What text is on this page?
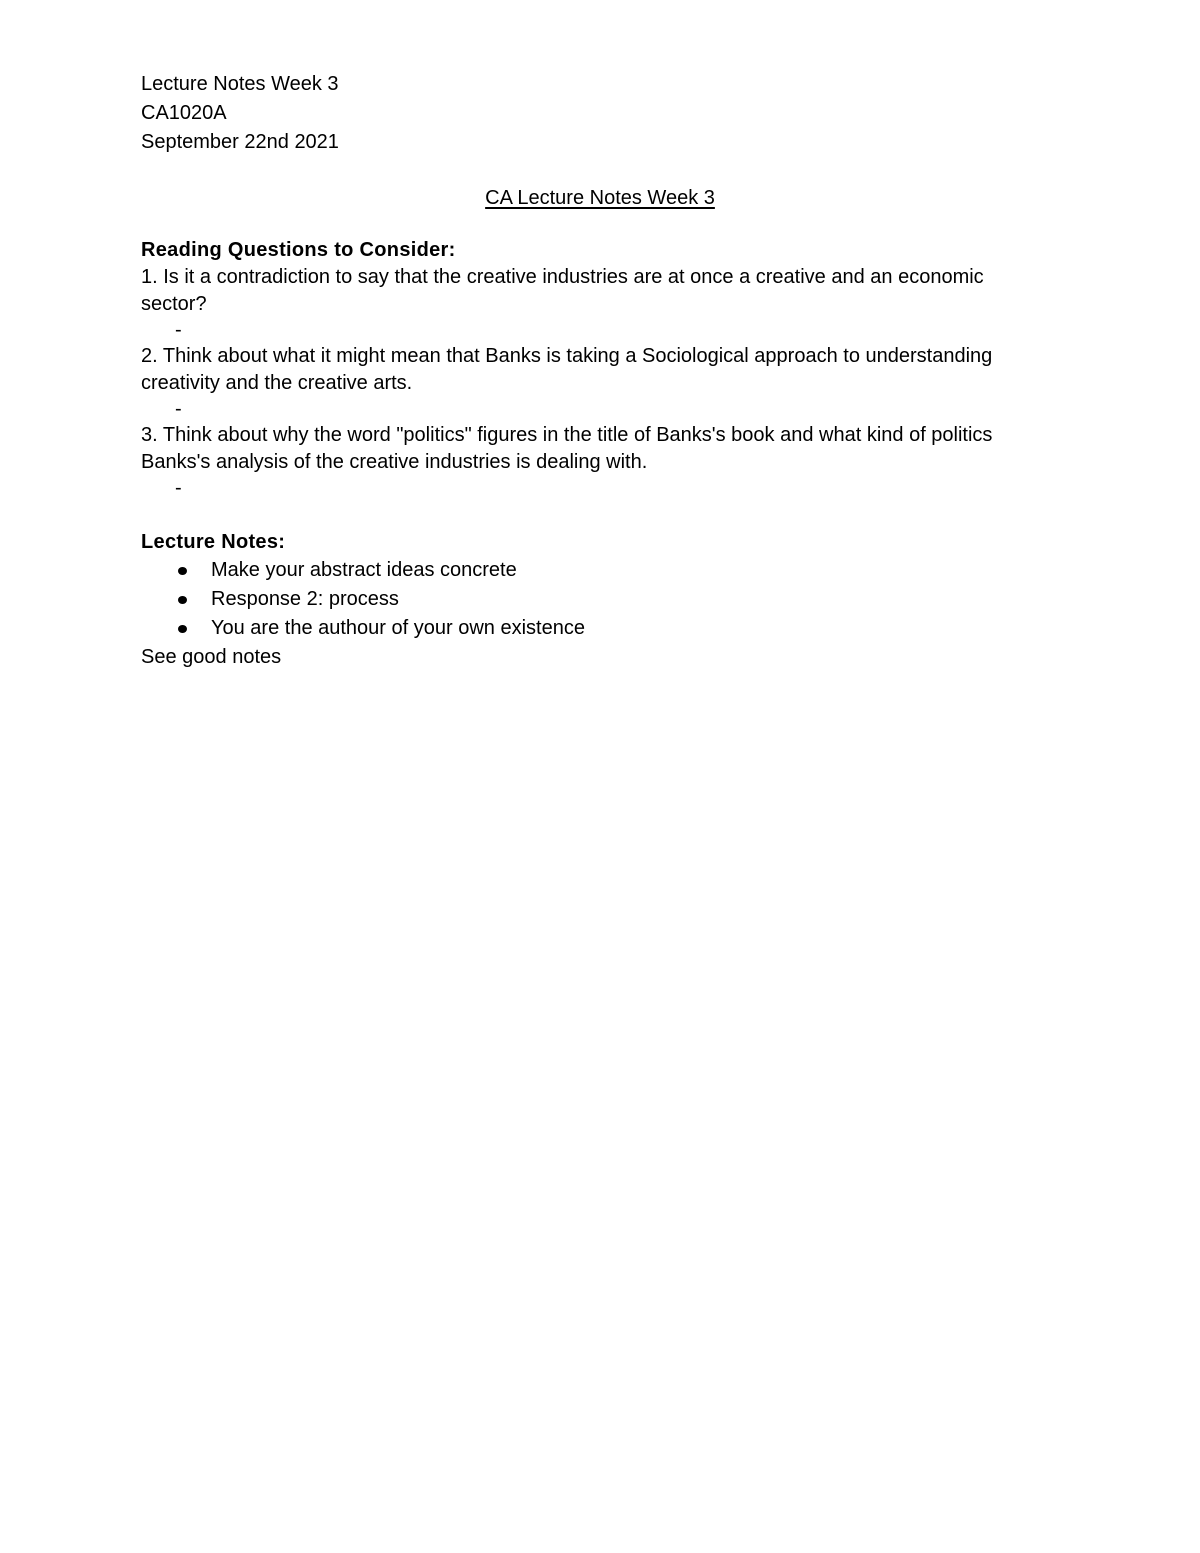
Lecture Notes Week 3
CA1020A
September 22nd 2021
CA Lecture Notes Week 3
Reading Questions to Consider:
1. Is it a contradiction to say that the creative industries are at once a creative and an economic sector?
-
2. Think about what it might mean that Banks is taking a Sociological approach to understanding creativity and the creative arts.
-
3. Think about why the word "politics" figures in the title of Banks's book and what kind of politics Banks's analysis of the creative industries is dealing with.
-
Lecture Notes:
Make your abstract ideas concrete
Response 2: process
You are the authour of your own existence
See good notes
